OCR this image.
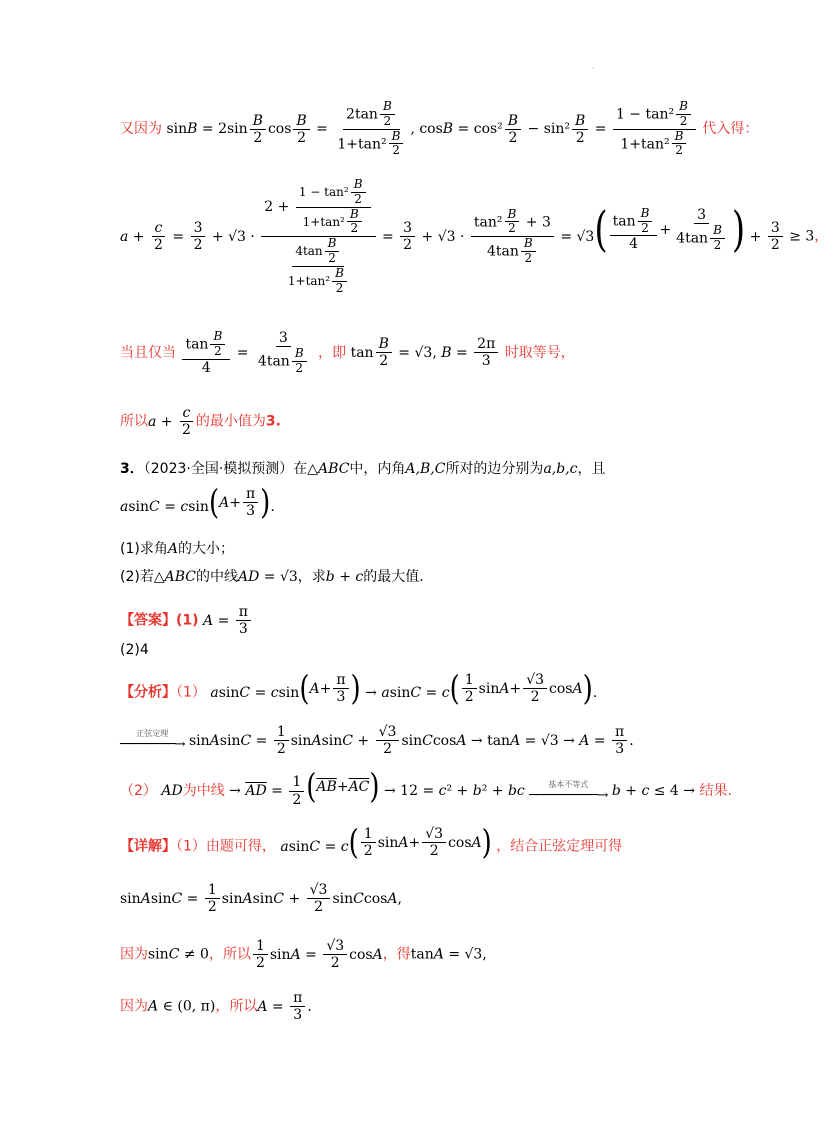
·
又因为 $\sin B = 2\sin \frac{B}{2}$ $\cos \frac{B}{2} = \frac{2\tan \frac{B}{2}}{1+\tan^2 \frac{B}{2}}$ , $\cos B = \cos^2 \frac{B}{2} - \sin^2 \frac{B}{2} = \frac{1 - \tan^2 \frac{B}{2}}{1+\tan^2 \frac{B}{2}}$ 代入得：
$a + \frac{c}{2} = \frac{3}{2} + √3 \cdot \frac{2 + \frac{1 - \tan^2 \frac{B}{2}}{1+\tan^2 \frac{B}{2}}}{\frac{4\tan \frac{B}{2}}{1+\tan^2 \frac{B}{2}}} = \frac{3}{2} + √3 \cdot \frac{\tan^2 \frac{B}{2} + 3}{4\tan \frac{B}{2}} = √3$ ( $\frac{\tan \frac{B}{2}}{4} + \frac{3}{4\tan \frac{B}{2}}$ ) + $\frac{3}{2} \ge 3$，
当且仅当 $\frac{\tan \frac{B}{2}}{4} = \frac{3}{4\tan \frac{B}{2}}$ ，即 $\tan \frac{B}{2} = √3$, $B = \frac{2\pi}{3}$ 时取等号，
所以$a + \frac{c}{2}$ 的最小值为3.
3．（2023·全国·模拟预测）在△ABC中，内角A,B,C所对的边分别为a,b,c，且
asinC = csin ( $A + \frac{\pi}{3}$ ) .
(1)求角A的大小；
(2)若△ABC的中线AD = √3，求b + c的最大值.
【答案】(1) $A = \frac{\pi}{3}$
(2)4
【分析】（1） asinC = csin ( $A + \frac{\pi}{3}$ ) → asinC = c ( $\frac{1}{2}$ $\sin A + \frac{√3}{2}$ cos A ) .
正弦定理
────────→ sinAsinC = $\frac{1}{2}$ sinAsinC + $\frac{√3}{2}$ sinCcosA → $\tan A = √3 \to A = \frac{\pi}{3}$ .
（2） AD为中线 → $\overline{AD} = \frac{1}{2}$ ( $\overline{AB} + \overline{AC}$ ) → 12 = c² + b² + bc	基本不等式
──────────→ b + c ≤ 4 → 结果.
【详解】（1）由题可得， asinC = c ( $\frac{1}{2}$ $\sin A + \frac{√3}{2}$ cos A ) ，结合正弦定理可得
sinAsinC = $\frac{1}{2}$ sinAsinC + $\frac{√3}{2}$ sinCcosA,
因为sinC ≠ 0，所以 $\frac{1}{2}$ $\sin A = \frac{√3}{2}$ cosA，得tanA = √3,
因为A ∈ (0, π)，所以$A = \frac{\pi}{3}$ .
